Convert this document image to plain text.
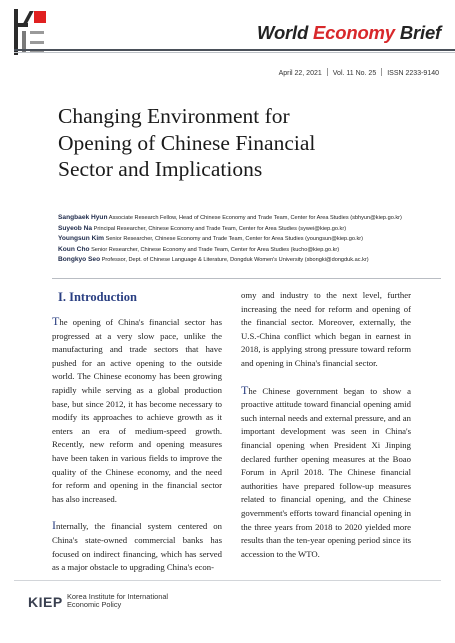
World Economy Brief
April 22, 2021 Vol. 11 No. 25 ISSN 2233-9140
Changing Environment for
Opening of Chinese Financial
Sector and Implications
Sangbaek Hyun Associate Research Fellow, Head of Chinese Economy and Trade Team, Center for Area Studies (sbhyun@kiep.go.kr)
Suyeob Na Principal Researcher, Chinese Economy and Trade Team, Center for Area Studies (sywei@kiep.go.kr)
Youngsun Kim Senior Researcher, Chinese Economy and Trade Team, Center for Area Studies (youngsun@kiep.go.kr)
Koun Cho Senior Researcher, Chinese Economy and Trade Team, Center for Area Studies (kucho@kiep.go.kr)
Bongkyo Seo Professor, Dept. of Chinese Language & Literature, Dongduk Women's University (sbongki@dongduk.ac.kr)
I. Introduction

The opening of China's financial sector has progressed at a very slow pace, unlike the manufacturing and trade sectors that have pushed for an active opening to the outside world. The Chinese economy has been growing rapidly while serving as a global production base, but since 2012, it has become necessary to modify its approaches to achieve growth as it enters an era of medium-speed growth. Recently, new reform and opening measures have been taken in various fields to improve the quality of the Chinese economy, and the need for reform and opening in the financial sector has also increased.

Internally, the financial system centered on China's state-owned commercial banks has focused on indirect financing, which has served as a major obstacle to upgrading China's econ-

omy and industry to the next level, further increasing the need for reform and opening of the financial sector. Moreover, externally, the U.S.-China conflict which began in earnest in 2018, is applying strong pressure toward reform and opening in China's financial sector.

The Chinese government began to show a proactive attitude toward financial opening amid such internal needs and external pressure, and an important development was seen in China's financial opening when President Xi Jinping declared further opening measures at the Boao Forum in April 2018. The Chinese financial authorities have prepared follow-up measures related to financial opening, and the Chinese government's efforts toward financial opening in the three years from 2018 to 2020 yielded more results than the ten-year opening period since its accession to the WTO.

KIEP Korea Institute for International
Economic Policy
